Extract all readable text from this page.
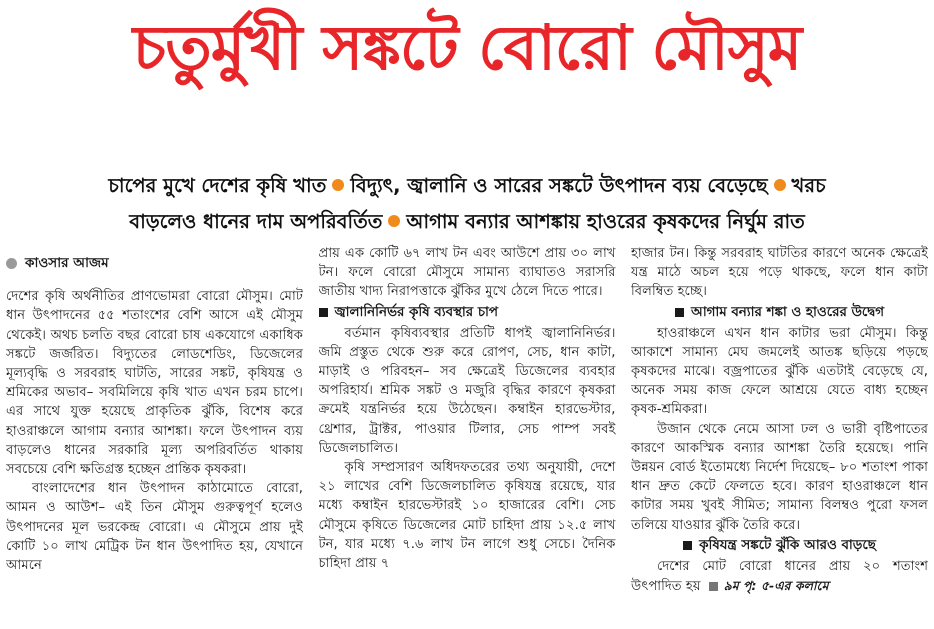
চতুর্মুখী সঙ্কটে বোরো মৌসুম
চাপের মুখে দেশের কৃষি খাত বিদ্যুৎ, জ্বালানি ও সারের সঙ্কটে উৎপাদন ব্যয় বেড়েছে খরচ
বাড়লেও ধানের দাম অপরিবর্তিত আগাম বন্যার আশঙ্কায় হাওরের কৃষকদের নির্ঘুম রাত
কাওসার আজম

দেশের কৃষি অর্থনীতির প্রাণভোমরা বোরো মৌসুম। মোট ধান উৎপাদনের ৫৫ শতাংশের বেশি আসে এই মৌসুম থেকেই। অথচ চলতি বছর বোরো চাষ একযোগে একাধিক সঙ্কটে জর্জরিত। বিদ্যুতের লোডশেডিং, ডিজেলের মূল্যবৃদ্ধি ও সরবরাহ ঘাটতি, সারের সঙ্কট, কৃষিযন্ত্র ও শ্রমিকের অভাব– সবমিলিয়ে কৃষি খাত এখন চরম চাপে। এর সাথে যুক্ত হয়েছে প্রাকৃতিক ঝুঁকি, বিশেষ করে হাওরাঞ্চলে আগাম বন্যার আশঙ্কা। ফলে উৎপাদন ব্যয় বাড়লেও ধানের সরকারি মূল্য অপরিবর্তিত থাকায় সবচেয়ে বেশি ক্ষতিগ্রস্ত হচ্ছেন প্রান্তিক কৃষকরা।

বাংলাদেশের ধান উৎপাদন কাঠামোতে বোরো, আমন ও আউশ– এই তিন মৌসুম গুরুত্বপূর্ণ হলেও উৎপাদনের মূল ভরকেন্দ্র বোরো। এ মৌসুমে প্রায় দুই কোটি ১০ লাখ মেট্রিক টন ধান উৎপাদিত হয়, যেখানে আমনে

প্রায় এক কোটি ৬৭ লাখ টন এবং আউশে প্রায় ৩০ লাখ টন। ফলে বোরো মৌসুমে সামান্য ব্যাঘাতও সরাসরি জাতীয় খাদ্য নিরাপত্তাকে ঝুঁকির মুখে ঠেলে দিতে পারে।

জ্বালানিনির্ভর কৃষি ব্যবস্থার চাপ

বর্তমান কৃষিব্যবস্থার প্রতিটি ধাপই জ্বালানিনির্ভর। জমি প্রস্তুত থেকে শুরু করে রোপণ, সেচ, ধান কাটা, মাড়াই ও পরিবহন– সব ক্ষেত্রেই ডিজেলের ব্যবহার অপরিহার্য। শ্রমিক সঙ্কট ও মজুরি বৃদ্ধির কারণে কৃষকরা ক্রমেই যন্ত্রনির্ভর হয়ে উঠেছেন। কম্বাইন হারভেস্টার, থ্রেশার, ট্রাক্টর, পাওয়ার টিলার, সেচ পাম্প সবই ডিজেলচালিত।

কৃষি সম্প্রসারণ অধিদফতরের তথ্য অনুযায়ী, দেশে ২১ লাখের বেশি ডিজেলচালিত কৃষিযন্ত্র রয়েছে, যার মধ্যে কম্বাইন হারভেস্টারই ১০ হাজারের বেশি। সেচ মৌসুমে কৃষিতে ডিজেলের মোট চাহিদা প্রায় ১২.৫ লাখ টন, যার মধ্যে ৭.৬ লাখ টন লাগে শুধু সেচে। দৈনিক চাহিদা প্রায় ৭

হাজার টন। কিন্তু সরবরাহ ঘাটতির কারণে অনেক ক্ষেত্রেই যন্ত্র মাঠে অচল হয়ে পড়ে থাকছে, ফলে ধান কাটা বিলম্বিত হচ্ছে।

আগাম বন্যার শঙ্কা ও হাওরের উদ্বেগ

হাওরাঞ্চলে এখন ধান কাটার ভরা মৌসুম। কিন্তু আকাশে সামান্য মেঘ জমলেই আতঙ্ক ছড়িয়ে পড়ছে কৃষকদের মাঝে। বজ্রপাতের ঝুঁকি এতটাই বেড়েছে যে, অনেক সময় কাজ ফেলে আশ্রয়ে যেতে বাধ্য হচ্ছেন কৃষক-শ্রমিকরা।

উজান থেকে নেমে আসা ঢল ও ভারী বৃষ্টিপাতের কারণে আকস্মিক বন্যার আশঙ্কা তৈরি হয়েছে। পানি উন্নয়ন বোর্ড ইতোমধ্যে নির্দেশ দিয়েছে– ৮০ শতাংশ পাকা ধান দ্রুত কেটে ফেলতে হবে। কারণ হাওরাঞ্চলে ধান কাটার সময় খুবই সীমিত; সামান্য বিলম্বও পুরো ফসল তলিয়ে যাওয়ার ঝুঁকি তৈরি করে।

কৃষিযন্ত্র সঙ্কটে ঝুঁকি আরও বাড়ছে

দেশের মোট বোরো ধানের প্রায় ২০ শতাংশ উৎপাদিত হয় ৯ম পৃ: ৫-এর কলামে
